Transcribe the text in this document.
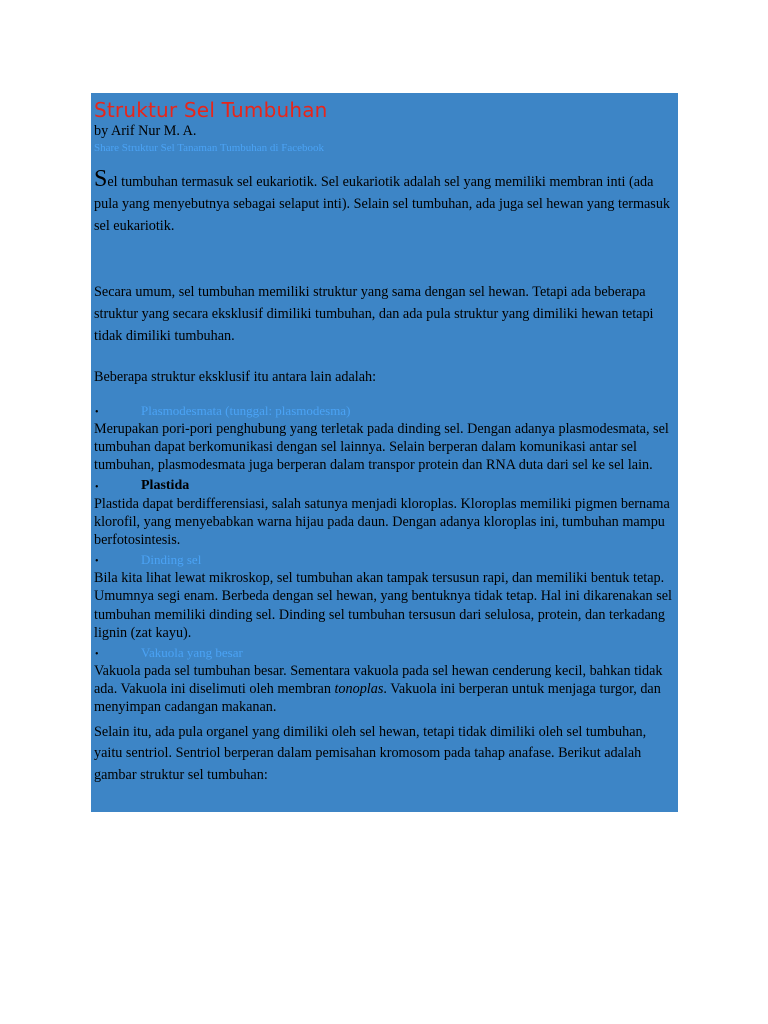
Struktur Sel Tumbuhan

by Arif Nur M. A.

Share Struktur Sel Tanaman Tumbuhan di Facebook

Sel tumbuhan termasuk sel eukariotik. Sel eukariotik adalah sel yang memiliki membran inti (ada pula yang menyebutnya sebagai selaput inti). Selain sel tumbuhan, ada juga sel hewan yang termasuk sel eukariotik.

Secara umum, sel tumbuhan memiliki struktur yang sama dengan sel hewan. Tetapi ada beberapa struktur yang secara eksklusif dimiliki tumbuhan, dan ada pula struktur yang dimiliki hewan tetapi tidak dimiliki tumbuhan.

Beberapa struktur eksklusif itu antara lain adalah:

•	Plasmodesmata (tunggal: plasmodesma)

Merupakan pori-pori penghubung yang terletak pada dinding sel. Dengan adanya plasmodesmata, sel tumbuhan dapat berkomunikasi dengan sel lainnya. Selain berperan dalam komunikasi antar sel tumbuhan, plasmodesmata juga berperan dalam transpor protein dan RNA duta dari sel ke sel lain.

•	Plastida

Plastida dapat berdifferensiasi, salah satunya menjadi kloroplas. Kloroplas memiliki pigmen bernama klorofil, yang menyebabkan warna hijau pada daun. Dengan adanya kloroplas ini, tumbuhan mampu berfotosintesis.

•	Dinding sel

Bila kita lihat lewat mikroskop, sel tumbuhan akan tampak tersusun rapi, dan memiliki bentuk tetap. Umumnya segi enam. Berbeda dengan sel hewan, yang bentuknya tidak tetap. Hal ini dikarenakan sel tumbuhan memiliki dinding sel. Dinding sel tumbuhan tersusun dari selulosa, protein, dan terkadang lignin (zat kayu).

•	Vakuola yang besar

Vakuola pada sel tumbuhan besar. Sementara vakuola pada sel hewan cenderung kecil, bahkan tidak ada. Vakuola ini diselimuti oleh membran tonoplas. Vakuola ini berperan untuk menjaga turgor, dan menyimpan cadangan makanan.

Selain itu, ada pula organel yang dimiliki oleh sel hewan, tetapi tidak dimiliki oleh sel tumbuhan, yaitu sentriol. Sentriol berperan dalam pemisahan kromosom pada tahap anafase. Berikut adalah gambar struktur sel tumbuhan:
